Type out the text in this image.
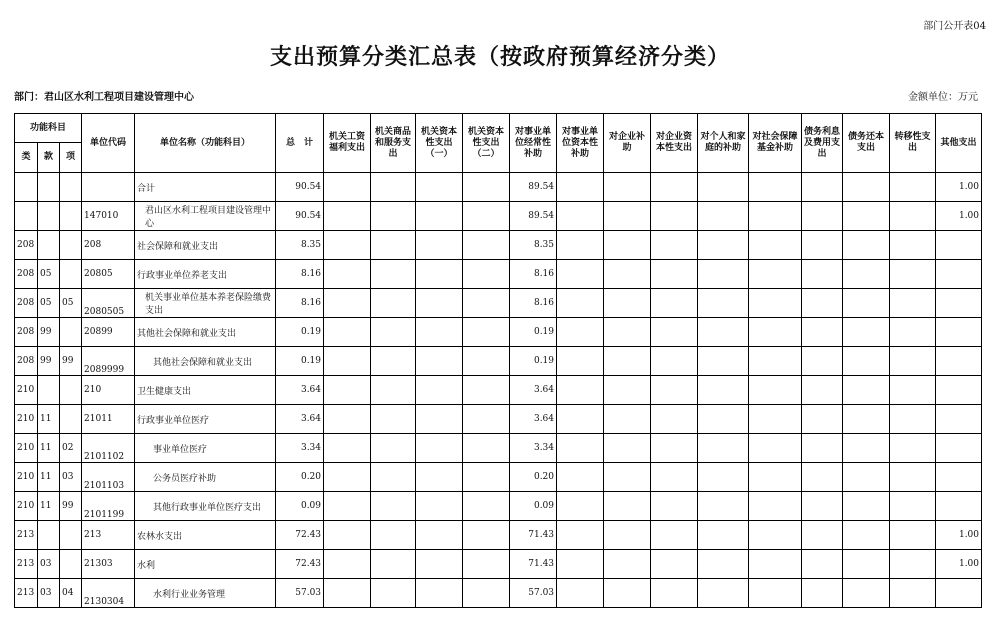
部门公开表04
支出预算分类汇总表（按政府预算经济分类）
部门：君山区水利工程项目建设管理中心	金额单位：万元
功能科目			单位代码	单位名称（功能科目）	总　计	机关工资福利支出	机关商品和服务支出	机关资本性支出（一）	机关资本性支出（二）	对事业单位经常性补助	对事业单位资本性补助	对企业补助	对企业资本性支出	对个人和家庭的补助	对社会保障基金补助	债务利息及费用支出	债务还本支出	转移性支出	其他支出
类	款	项																	
				合计	90.54					89.54									1.00
			147010	君山区水利工程项目建设管理中心	90.54					89.54									1.00
208			208	社会保障和就业支出	8.35					8.35									
208	05		20805	行政事业单位养老支出	8.16					8.16									
208	05	05	2080505	机关事业单位基本养老保险缴费支出	8.16					8.16									
208	99		20899	其他社会保障和就业支出	0.19					0.19									
208	99	99	2089999	其他社会保障和就业支出	0.19					0.19									
210			210	卫生健康支出	3.64					3.64									
210	11		21011	行政事业单位医疗	3.64					3.64									
210	11	02	2101102	事业单位医疗	3.34					3.34									
210	11	03	2101103	公务员医疗补助	0.20					0.20									
210	11	99	2101199	其他行政事业单位医疗支出	0.09					0.09									
213			213	农林水支出	72.43					71.43									1.00
213	03		21303	水利	72.43					71.43									1.00
213	03	04	2130304	水利行业业务管理	57.03					57.03									
